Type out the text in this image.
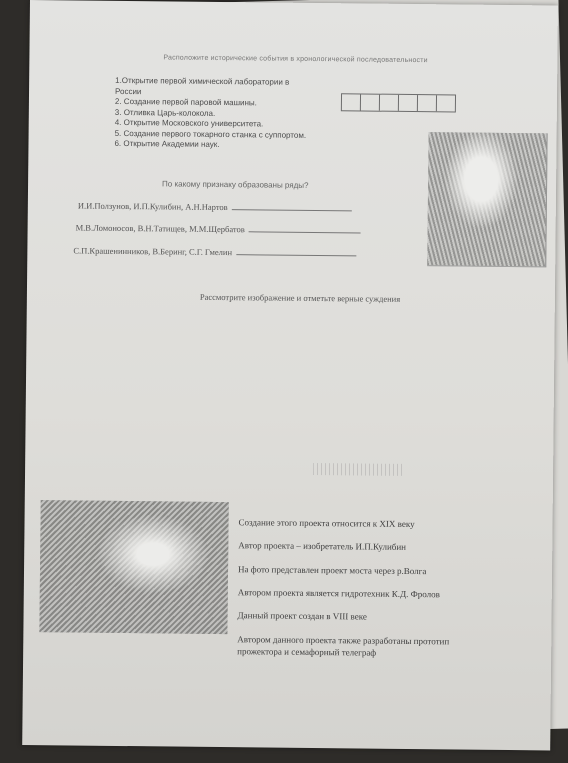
Расположите исторические события в хронологической последовательности
1.Открытие первой химической лаборатории в
России
2. Создание первой паровой машины.
3. Отливка Царь-колокола.
4. Открытие Московского университета.
5. Создание первого токарного станка с суппортом.
6. Открытие Академии наук.
По какому признаку образованы ряды?
И.И.Ползунов, И.П.Кулибин, А.Н.Нартов
М.В.Ломоносов, В.Н.Татищев, М.М.Щербатов
С.П.Крашенинников, В.Беринг, С.Г. Гмелин
Рассмотрите изображение и отметьте верные суждения
Создание этого проекта относится к XIX веку
Автор проекта – изобретатель И.П.Кулибин
На фото представлен проект моста через р.Волга
Автором проекта является гидротехник К.Д. Фролов
Данный проект создан в VIII веке
Автором данного проекта также разработаны прототип
прожектора и семафорный телеграф
